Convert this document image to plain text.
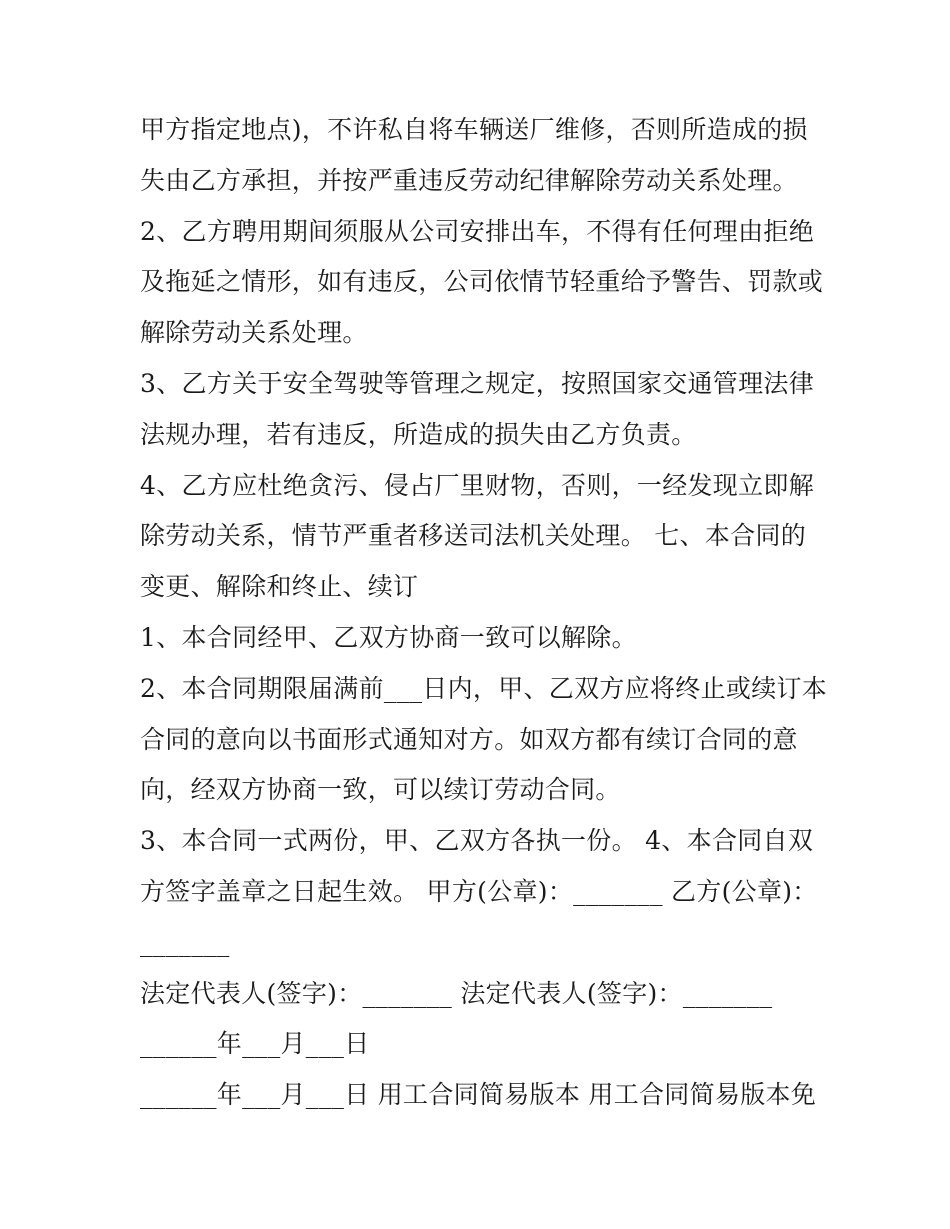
甲方指定地点)，不许私自将车辆送厂维修，否则所造成的损
失由乙方承担，并按严重违反劳动纪律解除劳动关系处理。
2、乙方聘用期间须服从公司安排出车，不得有任何理由拒绝
及拖延之情形，如有违反，公司依情节轻重给予警告、罚款或
解除劳动关系处理。
3、乙方关于安全驾驶等管理之规定，按照国家交通管理法律
法规办理，若有违反，所造成的损失由乙方负责。
4、乙方应杜绝贪污、侵占厂里财物，否则，一经发现立即解
除劳动关系，情节严重者移送司法机关处理。 七、本合同的
变更、解除和终止、续订
1、本合同经甲、乙双方协商一致可以解除。
2、本合同期限届满前___日内，甲、乙双方应将终止或续订本
合同的意向以书面形式通知对方。如双方都有续订合同的意
向，经双方协商一致，可以续订劳动合同。
3、本合同一式两份，甲、乙双方各执一份。 4、本合同自双
方签字盖章之日起生效。 甲方(公章)：_______ 乙方(公章)：
_______
法定代表人(签字)：_______ 法定代表人(签字)：_______
______年___月___日
______年___月___日 用工合同简易版本 用工合同简易版本免
